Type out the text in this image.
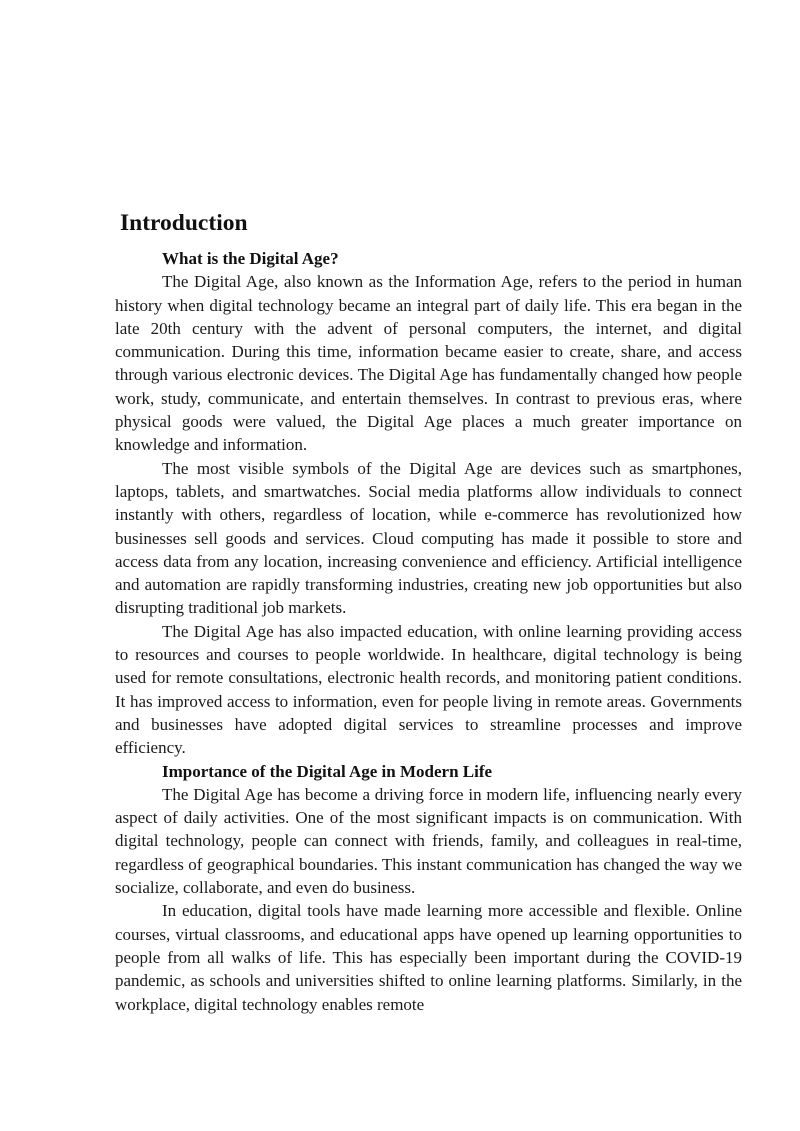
Introduction
What is the Digital Age?

The Digital Age, also known as the Information Age, refers to the period in human history when digital technology became an integral part of daily life. This era began in the late 20th century with the advent of personal computers, the internet, and digital communication. During this time, information became easier to create, share, and access through various electronic devices. The Digital Age has fundamentally changed how people work, study, communicate, and entertain themselves. In contrast to previous eras, where physical goods were valued, the Digital Age places a much greater importance on knowledge and information.

The most visible symbols of the Digital Age are devices such as smartphones, laptops, tablets, and smartwatches. Social media platforms allow individuals to connect instantly with others, regardless of location, while e-commerce has revolutionized how businesses sell goods and services. Cloud computing has made it possible to store and access data from any location, increasing convenience and efficiency. Artificial intelligence and automation are rapidly transforming industries, creating new job opportunities but also disrupting traditional job markets.

The Digital Age has also impacted education, with online learning providing access to resources and courses to people worldwide. In healthcare, digital technology is being used for remote consultations, electronic health records, and monitoring patient conditions. It has improved access to information, even for people living in remote areas. Governments and businesses have adopted digital services to streamline processes and improve efficiency.

Importance of the Digital Age in Modern Life

The Digital Age has become a driving force in modern life, influencing nearly every aspect of daily activities. One of the most significant impacts is on communication. With digital technology, people can connect with friends, family, and colleagues in real-time, regardless of geographical boundaries. This instant communication has changed the way we socialize, collaborate, and even do business.

In education, digital tools have made learning more accessible and flexible. Online courses, virtual classrooms, and educational apps have opened up learning opportunities to people from all walks of life. This has especially been important during the COVID-19 pandemic, as schools and universities shifted to online learning platforms. Similarly, in the workplace, digital technology enables remote
